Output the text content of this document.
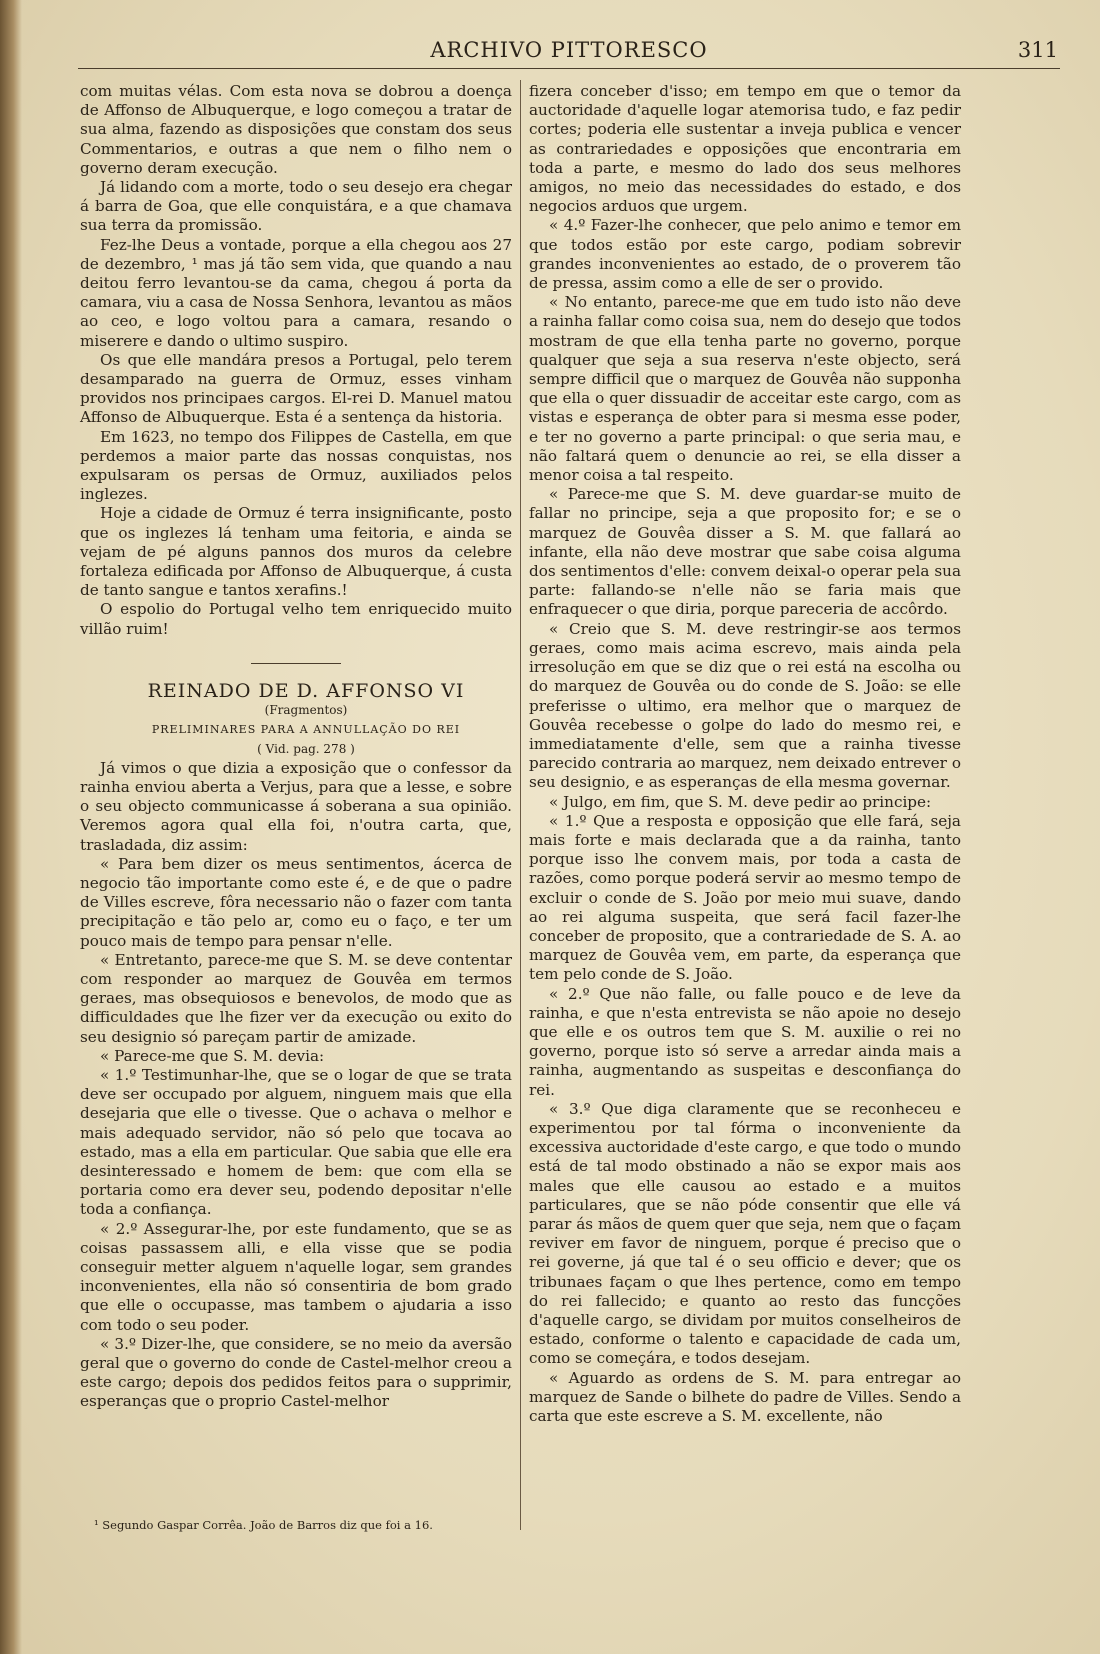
ARCHIVO PITTORESCO	311

com muitas vélas. Com esta nova se dobrou a doença de Affonso de Albuquerque, e logo começou a tratar de sua alma, fazendo as disposições que constam dos seus Commentarios, e outras a que nem o filho nem o governo deram execução.

Já lidando com a morte, todo o seu desejo era chegar á barra de Goa, que elle conquistára, e a que chamava sua terra da promissão.

Fez-lhe Deus a vontade, porque a ella chegou aos 27 de dezembro, ¹ mas já tão sem vida, que quando a nau deitou ferro levantou-se da cama, chegou á porta da camara, viu a casa de Nossa Senhora, levantou as mãos ao ceo, e logo voltou para a camara, resando o miserere e dando o ultimo suspiro.

Os que elle mandára presos a Portugal, pelo terem desamparado na guerra de Ormuz, esses vinham providos nos principaes cargos. El-rei D. Manuel matou Affonso de Albuquerque. Esta é a sentença da historia.

Em 1623, no tempo dos Filippes de Castella, em que perdemos a maior parte das nossas conquistas, nos expulsaram os persas de Ormuz, auxiliados pelos inglezes.

Hoje a cidade de Ormuz é terra insignificante, posto que os inglezes lá tenham uma feitoria, e ainda se vejam de pé alguns pannos dos muros da celebre fortaleza edificada por Affonso de Albuquerque, á custa de tanto sangue e tantos xerafins.!

O espolio do Portugal velho tem enriquecido muito villão ruim!

REINADO DE D. AFFONSO VI

(Fragmentos)

PRELIMINARES PARA A ANNULLAÇÃO DO REI

( Vid. pag. 278 )

Já vimos o que dizia a exposição que o confessor da rainha enviou aberta a Verjus, para que a lesse, e sobre o seu objecto communicasse á soberana a sua opinião. Veremos agora qual ella foi, n'outra carta, que, trasladada, diz assim:

« Para bem dizer os meus sentimentos, ácerca de negocio tão importante como este é, e de que o padre de Villes escreve, fôra necessario não o fazer com tanta precipitação e tão pelo ar, como eu o faço, e ter um pouco mais de tempo para pensar n'elle.

« Entretanto, parece-me que S. M. se deve contentar com responder ao marquez de Gouvêa em termos geraes, mas obsequiosos e benevolos, de modo que as difficuldades que lhe fizer ver da execução ou exito do seu designio só pareçam partir de amizade.

« Parece-me que S. M. devia:

« 1.º Testimunhar-lhe, que se o logar de que se trata deve ser occupado por alguem, ninguem mais que ella desejaria que elle o tivesse. Que o achava o melhor e mais adequado servidor, não só pelo que tocava ao estado, mas a ella em particular. Que sabia que elle era desinteressado e homem de bem: que com ella se portaria como era dever seu, podendo depositar n'elle toda a confiança.

« 2.º Assegurar-lhe, por este fundamento, que se as coisas passassem alli, e ella visse que se podia conseguir metter alguem n'aquelle logar, sem grandes inconvenientes, ella não só consentiria de bom grado que elle o occupasse, mas tambem o ajudaria a isso com todo o seu poder.

« 3.º Dizer-lhe, que considere, se no meio da aversão geral que o governo do conde de Castel-melhor creou a este cargo; depois dos pedidos feitos para o supprimir, esperanças que o proprio Castel-melhor

¹ Segundo Gaspar Corrêa. João de Barros diz que foi a 16.

fizera conceber d'isso; em tempo em que o temor da auctoridade d'aquelle logar atemorisa tudo, e faz pedir cortes; poderia elle sustentar a inveja publica e vencer as contrariedades e opposições que encontraria em toda a parte, e mesmo do lado dos seus melhores amigos, no meio das necessidades do estado, e dos negocios arduos que urgem.

« 4.º Fazer-lhe conhecer, que pelo animo e temor em que todos estão por este cargo, podiam sobrevir grandes inconvenientes ao estado, de o proverem tão de pressa, assim como a elle de ser o provido.

« No entanto, parece-me que em tudo isto não deve a rainha fallar como coisa sua, nem do desejo que todos mostram de que ella tenha parte no governo, porque qualquer que seja a sua reserva n'este objecto, será sempre difficil que o marquez de Gouvêa não supponha que ella o quer dissuadir de acceitar este cargo, com as vistas e esperança de obter para si mesma esse poder, e ter no governo a parte principal: o que seria mau, e não faltará quem o denuncie ao rei, se ella disser a menor coisa a tal respeito.

« Parece-me que S. M. deve guardar-se muito de fallar no principe, seja a que proposito for; e se o marquez de Gouvêa disser a S. M. que fallará ao infante, ella não deve mostrar que sabe coisa alguma dos sentimentos d'elle: convem deixal-o operar pela sua parte: fallando-se n'elle não se faria mais que enfraquecer o que diria, porque pareceria de accôrdo.

« Creio que S. M. deve restringir-se aos termos geraes, como mais acima escrevo, mais ainda pela irresolução em que se diz que o rei está na escolha ou do marquez de Gouvêa ou do conde de S. João: se elle preferisse o ultimo, era melhor que o marquez de Gouvêa recebesse o golpe do lado do mesmo rei, e immediatamente d'elle, sem que a rainha tivesse parecido contraria ao marquez, nem deixado entrever o seu designio, e as esperanças de ella mesma governar.

« Julgo, em fim, que S. M. deve pedir ao principe:

« 1.º Que a resposta e opposição que elle fará, seja mais forte e mais declarada que a da rainha, tanto porque isso lhe convem mais, por toda a casta de razões, como porque poderá servir ao mesmo tempo de excluir o conde de S. João por meio mui suave, dando ao rei alguma suspeita, que será facil fazer-lhe conceber de proposito, que a contrariedade de S. A. ao marquez de Gouvêa vem, em parte, da esperança que tem pelo conde de S. João.

« 2.º Que não falle, ou falle pouco e de leve da rainha, e que n'esta entrevista se não apoie no desejo que elle e os outros tem que S. M. auxilie o rei no governo, porque isto só serve a arredar ainda mais a rainha, augmentando as suspeitas e desconfiança do rei.

« 3.º Que diga claramente que se reconheceu e experimentou por tal fórma o inconveniente da excessiva auctoridade d'este cargo, e que todo o mundo está de tal modo obstinado a não se expor mais aos males que elle causou ao estado e a muitos particulares, que se não póde consentir que elle vá parar ás mãos de quem quer que seja, nem que o façam reviver em favor de ninguem, porque é preciso que o rei governe, já que tal é o seu officio e dever; que os tribunaes façam o que lhes pertence, como em tempo do rei fallecido; e quanto ao resto das funcções d'aquelle cargo, se dividam por muitos conselheiros de estado, conforme o talento e capacidade de cada um, como se começára, e todos desejam.

« Aguardo as ordens de S. M. para entregar ao marquez de Sande o bilhete do padre de Villes. Sendo a carta que este escreve a S. M. excellente, não
